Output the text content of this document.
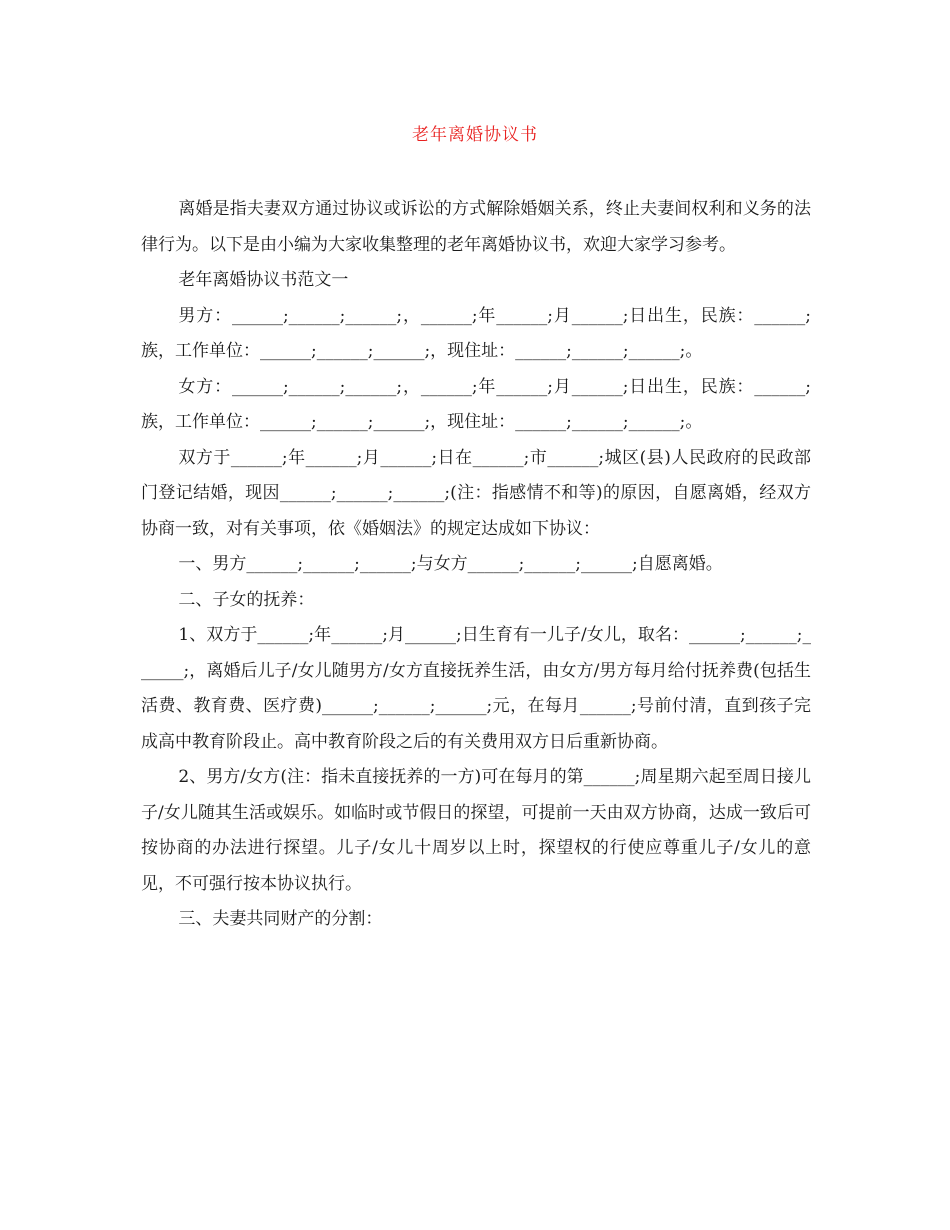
老年离婚协议书

离婚是指夫妻双方通过协议或诉讼的方式解除婚姻关系，终止夫妻间权利和义务的法律行为。以下是由小编为大家收集整理的老年离婚协议书，欢迎大家学习参考。

老年离婚协议书范文一

男方：______;______;______;，______;年______;月______;日出生，民族：______;族，工作单位：______;______;______;，现住址：______;______;______;。

女方：______;______;______;，______;年______;月______;日出生，民族：______;族，工作单位：______;______;______;，现住址：______;______;______;。

双方于______;年______;月______;日在______;市______;城区(县)人民政府的民政部门登记结婚，现因______;______;______;(注：指感情不和等)的原因，自愿离婚，经双方协商一致，对有关事项，依《婚姻法》的规定达成如下协议：

一、男方______;______;______;与女方______;______;______;自愿离婚。

二、子女的抚养：

1、双方于______;年______;月______;日生育有一儿子/女儿，取名：______;______;______;，离婚后儿子/女儿随男方/女方直接抚养生活，由女方/男方每月给付抚养费(包括生活费、教育费、医疗费)______;______;______;元，在每月______;号前付清，直到孩子完成高中教育阶段止。高中教育阶段之后的有关费用双方日后重新协商。

2、男方/女方(注：指未直接抚养的一方)可在每月的第______;周星期六起至周日接儿子/女儿随其生活或娱乐。如临时或节假日的探望，可提前一天由双方协商，达成一致后可按协商的办法进行探望。儿子/女儿十周岁以上时，探望权的行使应尊重儿子/女儿的意见，不可强行按本协议执行。

三、夫妻共同财产的分割：
